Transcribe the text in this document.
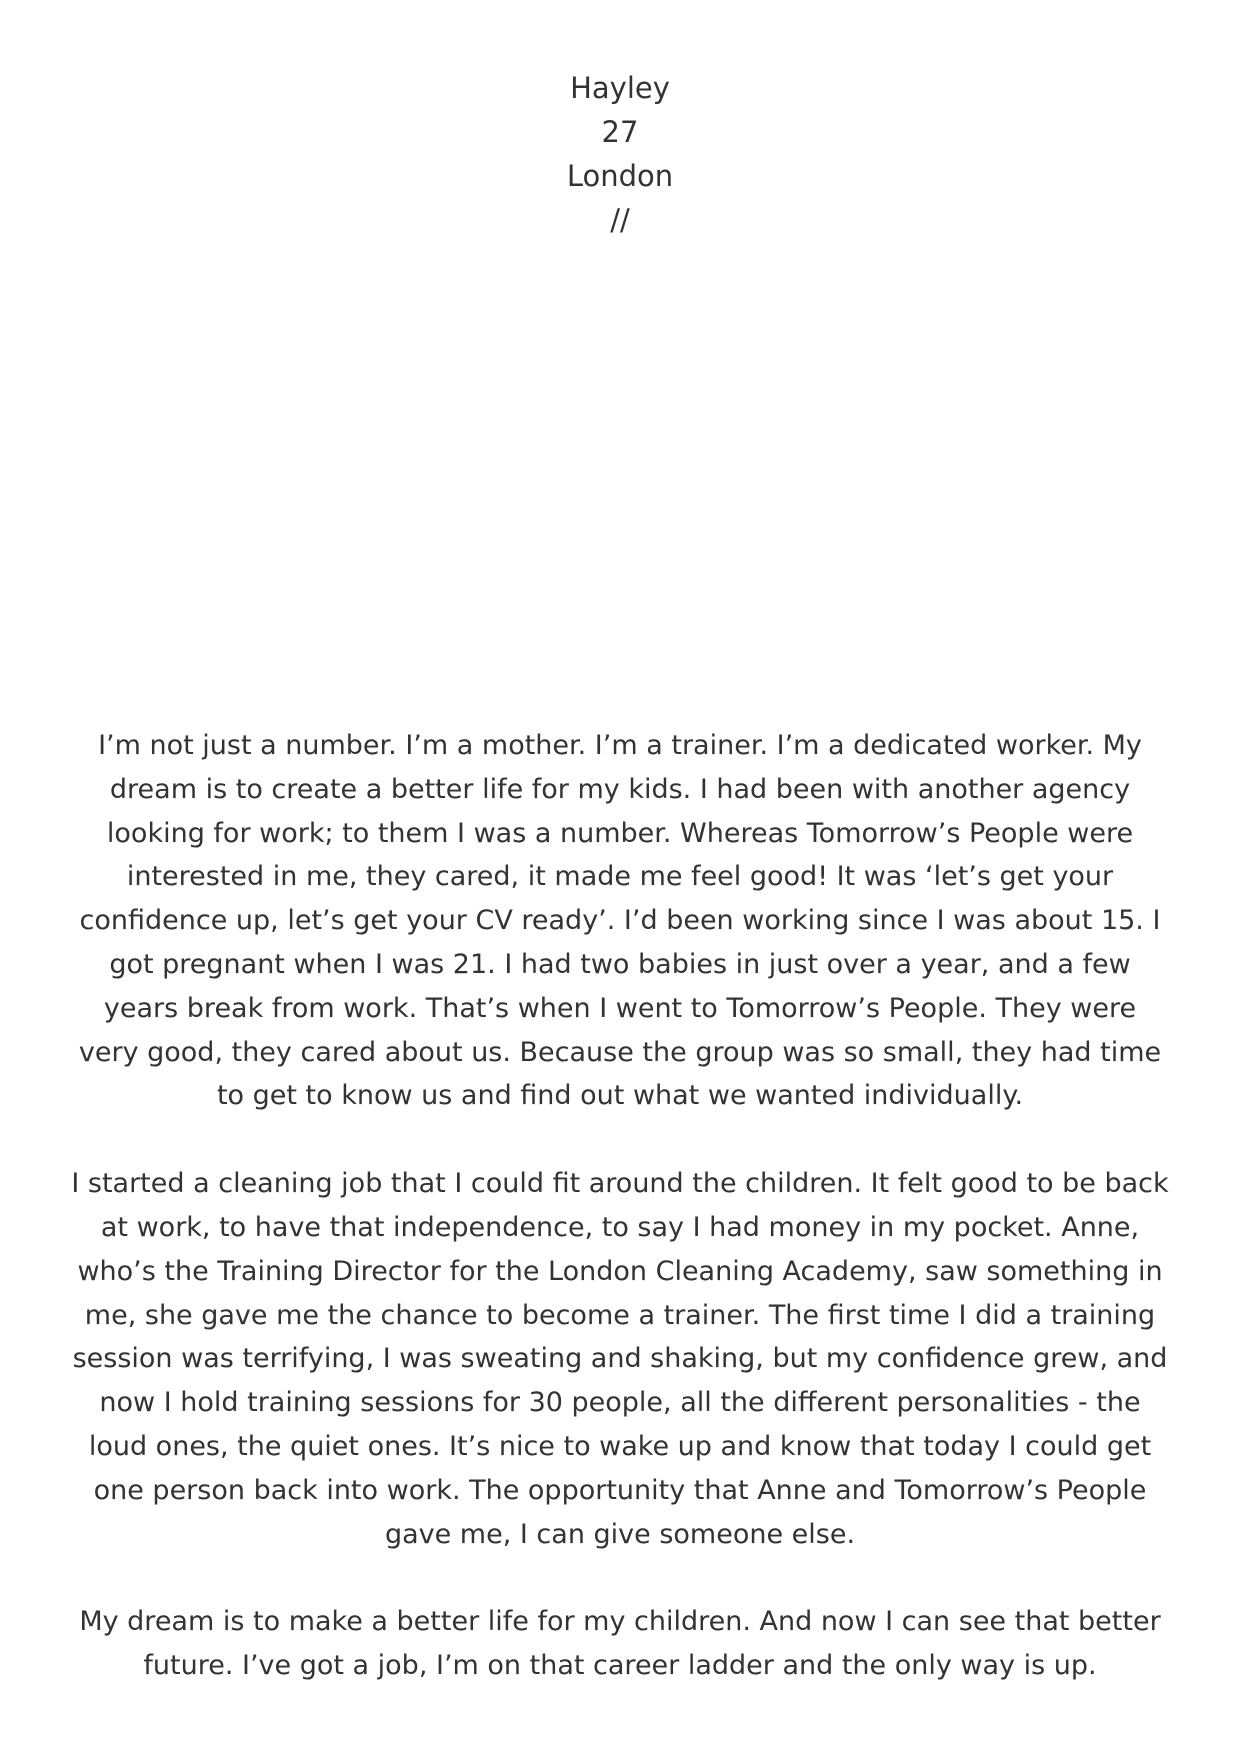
Hayley
27
London
//

I’m not just a number. I’m a mother. I’m a trainer. I’m a dedicated worker. My dream is to create a better life for my kids. I had been with another agency looking for work; to them I was a number. Whereas Tomorrow’s People were interested in me, they cared, it made me feel good! It was ‘let’s get your confidence up, let’s get your CV ready’. I’d been working since I was about 15. I got pregnant when I was 21. I had two babies in just over a year, and a few years break from work. That’s when I went to Tomorrow’s People. They were very good, they cared about us. Because the group was so small, they had time to get to know us and find out what we wanted individually.

I started a cleaning job that I could fit around the children. It felt good to be back at work, to have that independence, to say I had money in my pocket. Anne, who’s the Training Director for the London Cleaning Academy, saw something in me, she gave me the chance to become a trainer. The first time I did a training session was terrifying, I was sweating and shaking, but my confidence grew, and now I hold training sessions for 30 people, all the different personalities - the loud ones, the quiet ones. It’s nice to wake up and know that today I could get one person back into work. The opportunity that Anne and Tomorrow’s People gave me, I can give someone else.

My dream is to make a better life for my children. And now I can see that better future. I’ve got a job, I’m on that career ladder and the only way is up.
